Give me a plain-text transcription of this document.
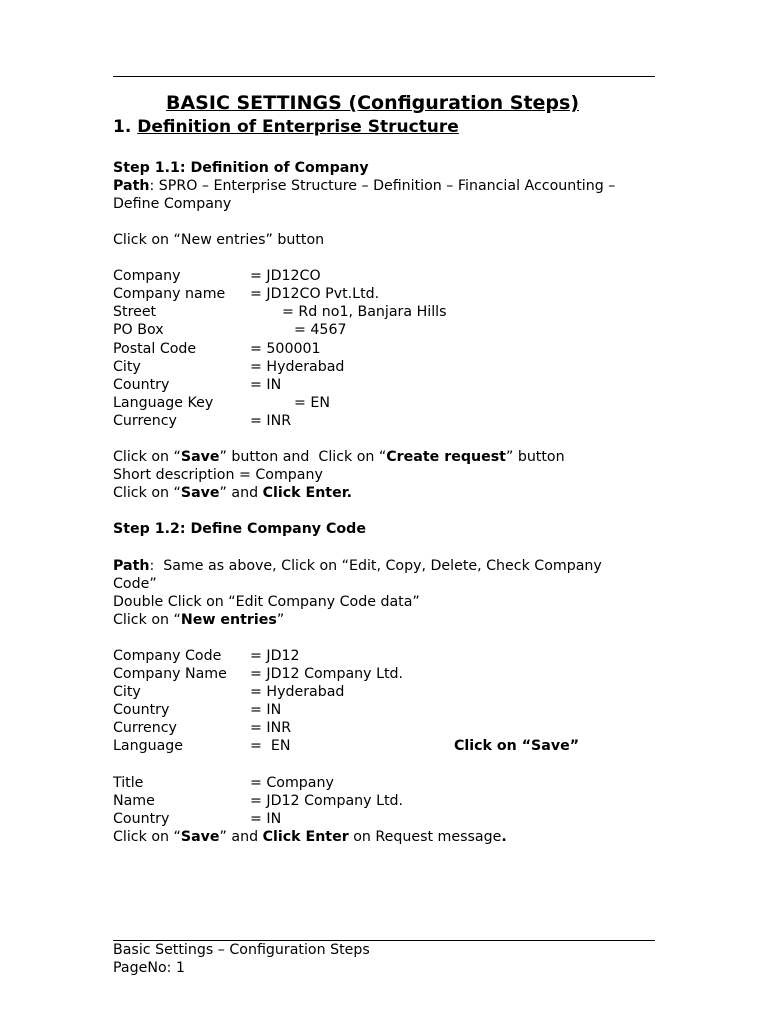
BASIC SETTINGS (Configuration Steps)
1. Definition of Enterprise Structure
Step 1.1: Definition of Company
Path: SPRO – Enterprise Structure – Definition – Financial Accounting –
Define Company
Click on “New entries” button
Company	= JD12CO
Company name = JD12CO Pvt.Ltd.
Street	= Rd no1, Banjara Hills
PO Box	= 4567
Postal Code	= 500001
City	= Hyderabad
Country	= IN
Language Key	= EN
Currency	= INR
Click on “Save” button and  Click on “Create request” button
Short description = Company
Click on “Save” and Click Enter.
Step 1.2: Define Company Code
Path:  Same as above, Click on “Edit, Copy, Delete, Check Company
Code”
Double Click on “Edit Company Code data”
Click on “New entries”
Company Code = JD12
Company Name = JD12 Company Ltd.
City	= Hyderabad
Country	= IN
Currency	= INR
Language	=  EN	Click on “Save”
Title	= Company
Name	= JD12 Company Ltd.
Country	= IN
Click on “Save” and Click Enter on Request message.
Basic Settings – Configuration Steps
PageNo: 1
